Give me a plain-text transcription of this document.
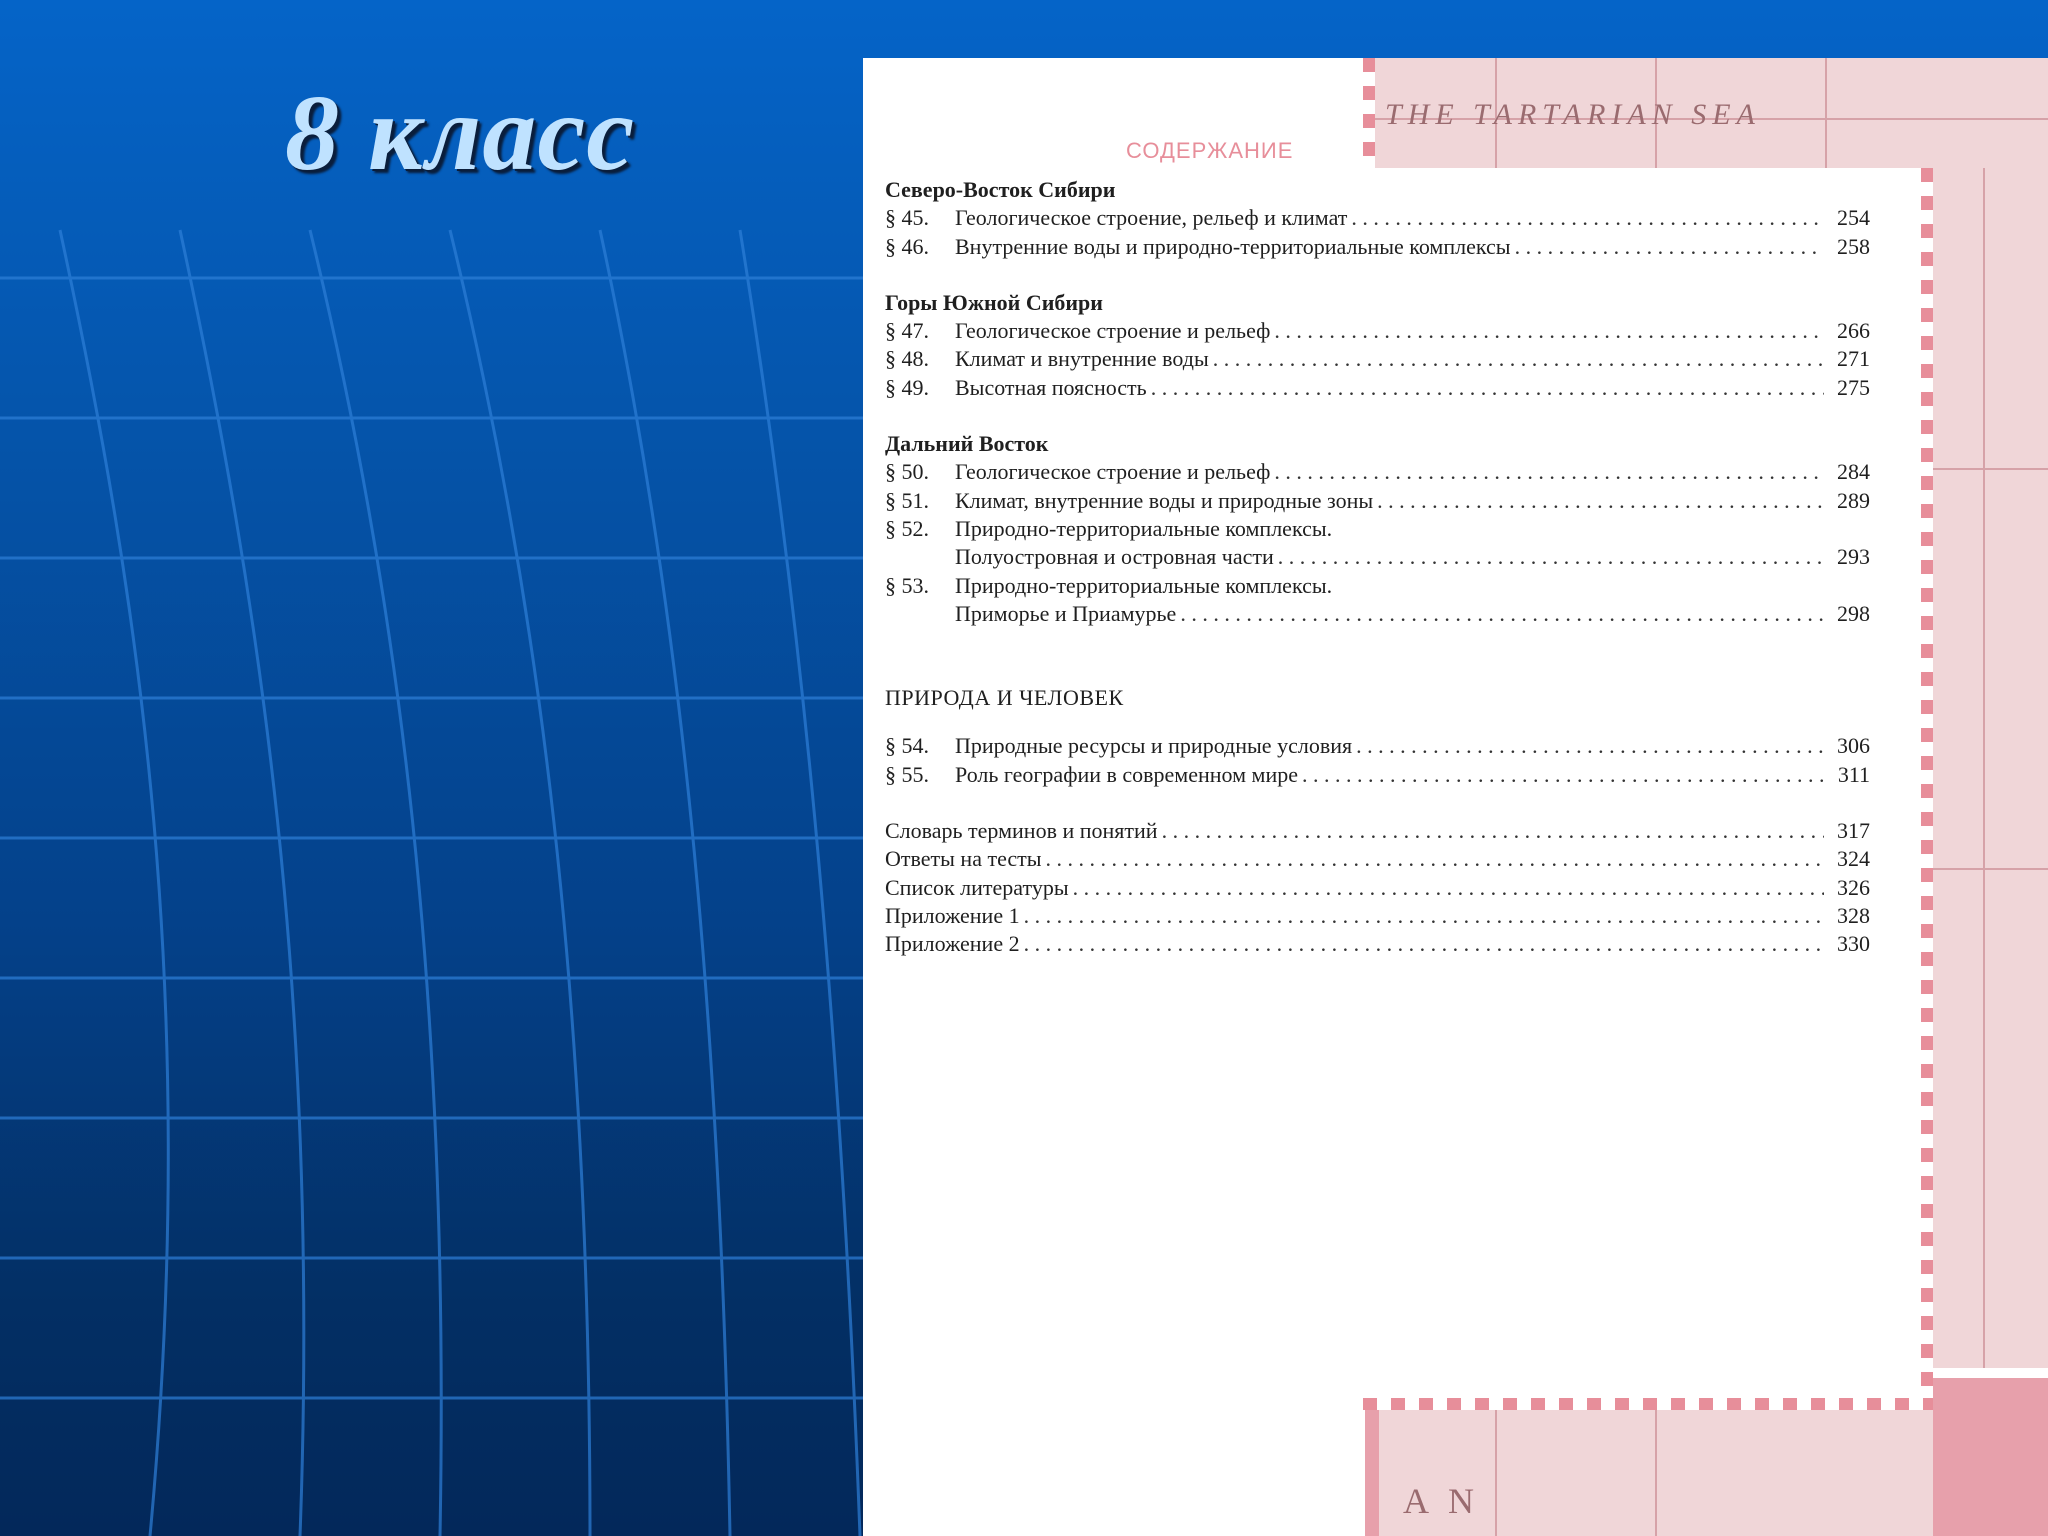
8 класс	THE TARTARIAN SEA
A N
СОДЕРЖАНИЕ
Северо-Восток Сибири
§ 45.	Геологическое строение, рельеф и климат . . .	254
§ 46.	Внутренние воды и природно-территориальные комплексы . . .	258
Горы Южной Сибири
§ 47.	Геологическое строение и рельеф . . .	266
§ 48.	Климат и внутренние воды . . .	271
§ 49.	Высотная поясность . . .	275
Дальний Восток
§ 50.	Геологическое строение и рельеф . . .	284
§ 51.	Климат, внутренние воды и природные зоны . . .	289
§ 52.	Природно-территориальные комплексы.
Полуостровная и островная части . . .	293
§ 53.	Природно-территориальные комплексы.
Приморье и Приамурье . . .	298
ПРИРОДА И ЧЕЛОВЕК
§ 54.	Природные ресурсы и природные условия . . .	306
§ 55.	Роль географии в современном мире . . .	311
Словарь терминов и понятий . . .	317
Ответы на тесты . . .	324
Список литературы . . .	326
Приложение 1 . . .	328
Приложение 2 . . .	330
